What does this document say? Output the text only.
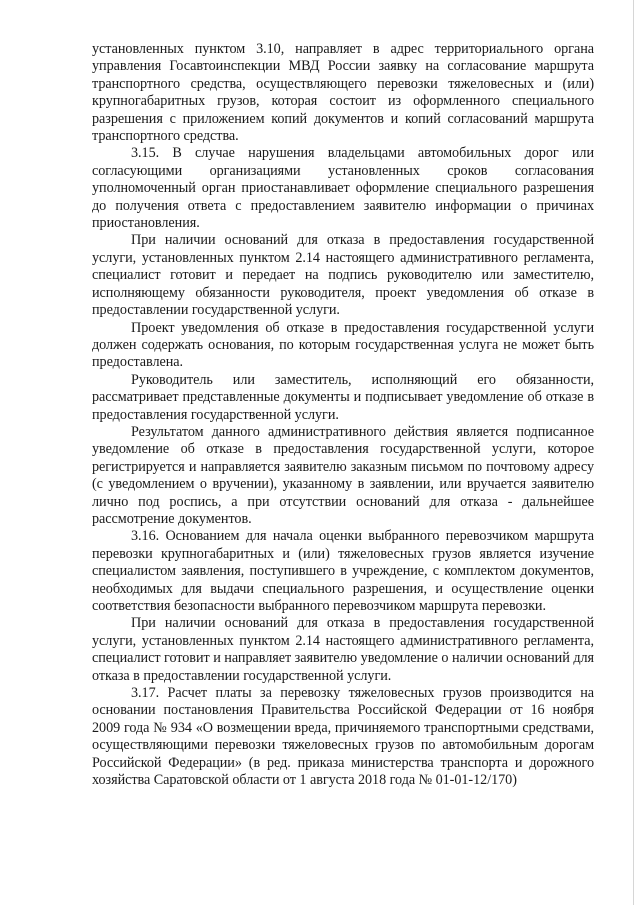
установленных пунктом 3.10, направляет в адрес территориального органа управления Госавтоинспекции МВД России заявку на согласование маршрута транспортного средства, осуществляющего перевозки тяжеловесных и (или) крупногабаритных грузов, которая состоит из оформленного специального разрешения с приложением копий документов и копий согласований маршрута транспортного средства.

3.15. В случае нарушения владельцами автомобильных дорог или согласующими организациями установленных сроков согласования уполномоченный орган приостанавливает оформление специального разрешения до получения ответа с предоставлением заявителю информации о причинах приостановления.

При наличии оснований для отказа в предоставления государственной услуги, установленных пунктом 2.14 настоящего административного регламента, специалист готовит и передает на подпись руководителю или заместителю, исполняющему обязанности руководителя, проект уведомления об отказе в предоставлении государственной услуги.

Проект уведомления об отказе в предоставления государственной услуги должен содержать основания, по которым государственная услуга не может быть предоставлена.

Руководитель или заместитель, исполняющий его обязанности, рассматривает представленные документы и подписывает уведомление об отказе в предоставления государственной услуги.

Результатом данного административного действия является подписанное уведомление об отказе в предоставления государственной услуги, которое регистрируется и направляется заявителю заказным письмом по почтовому адресу (с уведомлением о вручении), указанному в заявлении, или вручается заявителю лично под роспись, а при отсутствии оснований для отказа - дальнейшее рассмотрение документов.

3.16. Основанием для начала оценки выбранного перевозчиком маршрута перевозки крупногабаритных и (или) тяжеловесных грузов является изучение специалистом заявления, поступившего в учреждение, с комплектом документов, необходимых для выдачи специального разрешения, и осуществление оценки соответствия безопасности выбранного перевозчиком маршрута перевозки.

При наличии оснований для отказа в предоставления государственной услуги, установленных пунктом 2.14 настоящего административного регламента, специалист готовит и направляет заявителю уведомление о наличии оснований для отказа в предоставлении государственной услуги.

3.17. Расчет платы за перевозку тяжеловесных грузов производится на основании постановления Правительства Российской Федерации от 16 ноября 2009 года № 934 «О возмещении вреда, причиняемого транспортными средствами, осуществляющими перевозки тяжеловесных грузов по автомобильным дорогам Российской Федерации» (в ред. приказа министерства транспорта и дорожного хозяйства Саратовской области от 1 августа 2018 года № 01-01-12/170)
